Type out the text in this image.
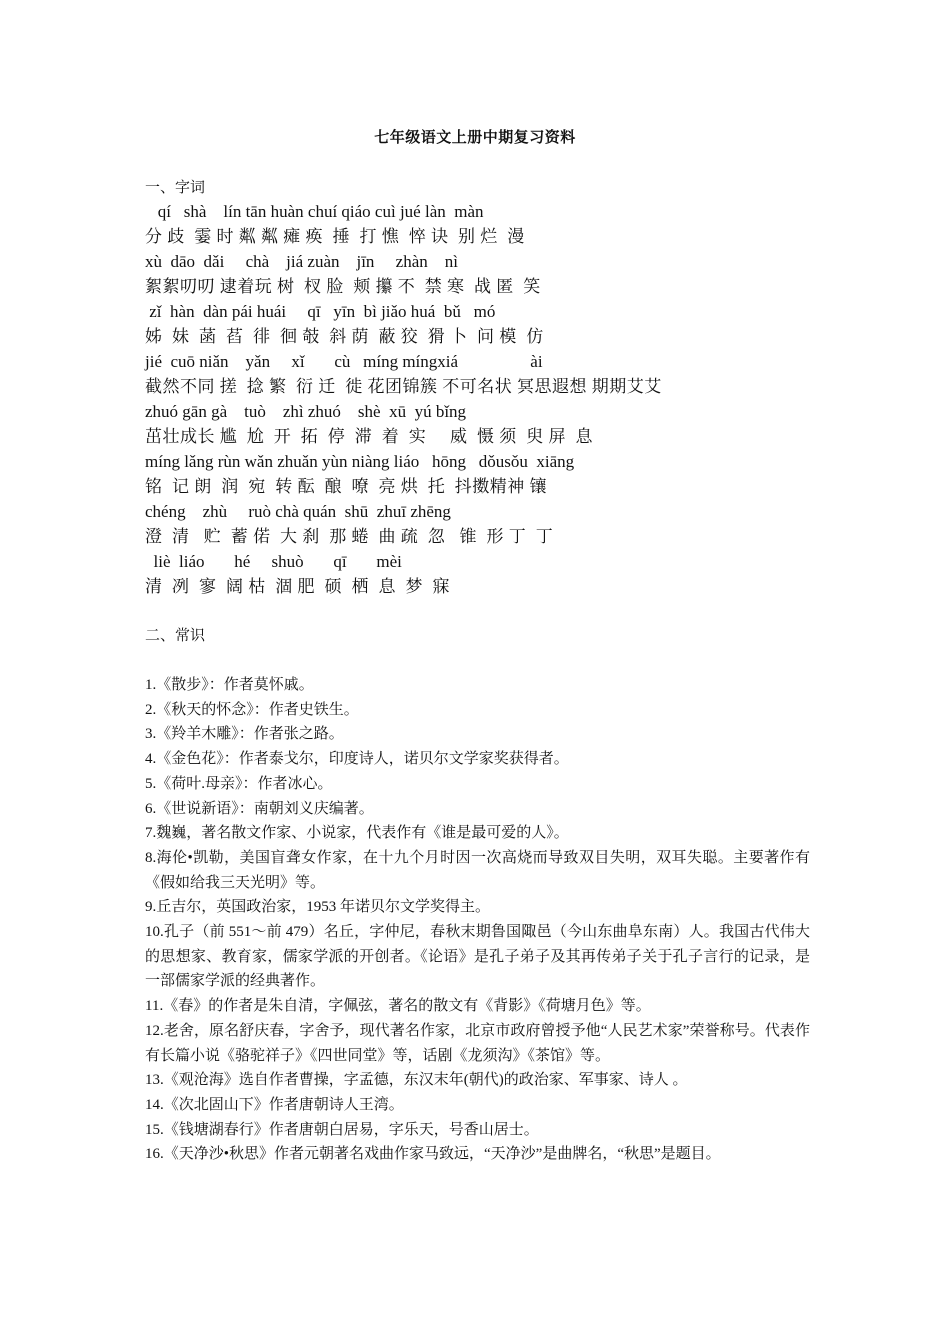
七年级语文上册中期复习资料
一、字词
qí   shà    lín tān huàn chuí qiáo cuì jué làn  màn
分 歧  霎 时 粼 粼 瘫 痪  捶  打 憔  悴 诀  别 烂  漫
xù  dāo  dǎi     chà    jiá zuàn    jīn     zhàn    nì
絮絮叨叨 逮着玩 树  杈 脸  颊 攥 不  禁 寒  战 匿  笑
zǐ  hàn  dàn pái huái     qī   yīn  bì jiǎo huá  bǔ   mó
姊  妹  菡  萏  徘  徊 攲  斜 荫  蔽 狡  猾 卜  问 模  仿
jié  cuō niǎn    yǎn     xǐ       cù   míng míngxiá                 ài
截然不同 搓  捻 繁  衍 迁  徙 花团锦簇 不可名状 冥思遐想 期期艾艾
zhuó gān gà    tuò    zhì zhuó    shè  xū  yú bǐng
茁壮成长 尴  尬  开  拓  停  滞  着  实     威  慑 须  臾 屏  息
míng lǎng rùn wǎn zhuǎn yùn niàng liáo   hōng   dǒusǒu  xiāng
铭  记 朗  润  宛  转 酝  酿  嘹  亮 烘  托  抖擞精神 镶
chéng    zhù     ruò chà quán  shū  zhuī zhēng
澄  清   贮  蓄 偌  大 刹  那 蜷  曲 疏  忽   锥  形 丁  丁
liè  liáo       hé     shuò       qī       mèi
清  冽  寥  阔 枯  涸 肥  硕  栖  息  梦  寐
二、常识
1.《散步》：作者莫怀戚。
2.《秋天的怀念》：作者史铁生。
3.《羚羊木雕》：作者张之路。
4.《金色花》：作者泰戈尔，印度诗人，诺贝尔文学家奖获得者。
5.《荷叶.母亲》：作者冰心。
6.《世说新语》：南朝刘义庆编著。
7.魏巍，著名散文作家、小说家，代表作有《谁是最可爱的人》。
8.海伦•凯勒，美国盲聋女作家，在十九个月时因一次高烧而导致双目失明，双耳失聪。主要著作有《假如给我三天光明》等。
9.丘吉尔，英国政治家，1953 年诺贝尔文学奖得主。
10.孔子（前 551～前 479）名丘，字仲尼，春秋末期鲁国陬邑（今山东曲阜东南）人。我国古代伟大的思想家、教育家，儒家学派的开创者。《论语》是孔子弟子及其再传弟子关于孔子言行的记录，是一部儒家学派的经典著作。
11.《春》的作者是朱自清，字佩弦，著名的散文有《背影》《荷塘月色》等。
12.老舍，原名舒庆春，字舍予，现代著名作家，北京市政府曾授予他“人民艺术家”荣誉称号。代表作有长篇小说《骆驼祥子》《四世同堂》等，话剧《龙须沟》《茶馆》等。
13.《观沧海》选自作者曹操，字孟德，东汉末年(朝代)的政治家、军事家、诗人 。
14.《次北固山下》作者唐朝诗人王湾。
15.《钱塘湖春行》作者唐朝白居易，字乐天，号香山居士。
16.《天净沙•秋思》作者元朝著名戏曲作家马致远，“天净沙”是曲牌名，“秋思”是题目。
